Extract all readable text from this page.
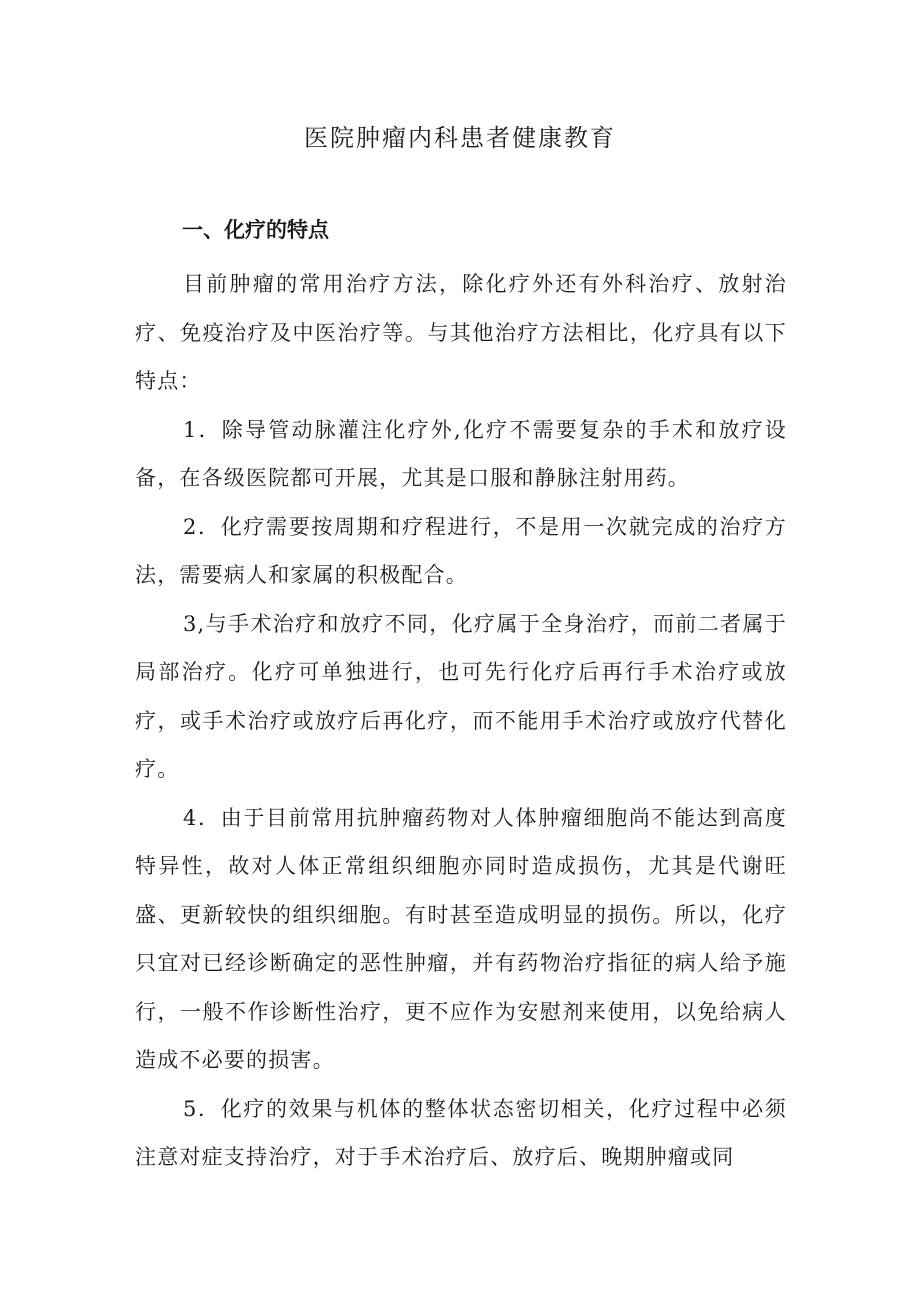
医院肿瘤内科患者健康教育
一、化疗的特点

目前肿瘤的常用治疗方法，除化疗外还有外科治疗、放射治疗、免疫治疗及中医治疗等。与其他治疗方法相比，化疗具有以下特点：

1．除导管动脉灌注化疗外,化疗不需要复杂的手术和放疗设备，在各级医院都可开展，尤其是口服和静脉注射用药。

2．化疗需要按周期和疗程进行，不是用一次就完成的治疗方法，需要病人和家属的积极配合。

3,与手术治疗和放疗不同，化疗属于全身治疗，而前二者属于局部治疗。化疗可单独进行，也可先行化疗后再行手术治疗或放疗，或手术治疗或放疗后再化疗，而不能用手术治疗或放疗代替化疗。

4．由于目前常用抗肿瘤药物对人体肿瘤细胞尚不能达到高度特异性，故对人体正常组织细胞亦同时造成损伤，尤其是代谢旺盛、更新较快的组织细胞。有时甚至造成明显的损伤。所以，化疗只宜对已经诊断确定的恶性肿瘤，并有药物治疗指征的病人给予施行，一般不作诊断性治疗，更不应作为安慰剂来使用，以免给病人造成不必要的损害。

5．化疗的效果与机体的整体状态密切相关，化疗过程中必须注意对症支持治疗，对于手术治疗后、放疗后、晚期肿瘤或同
